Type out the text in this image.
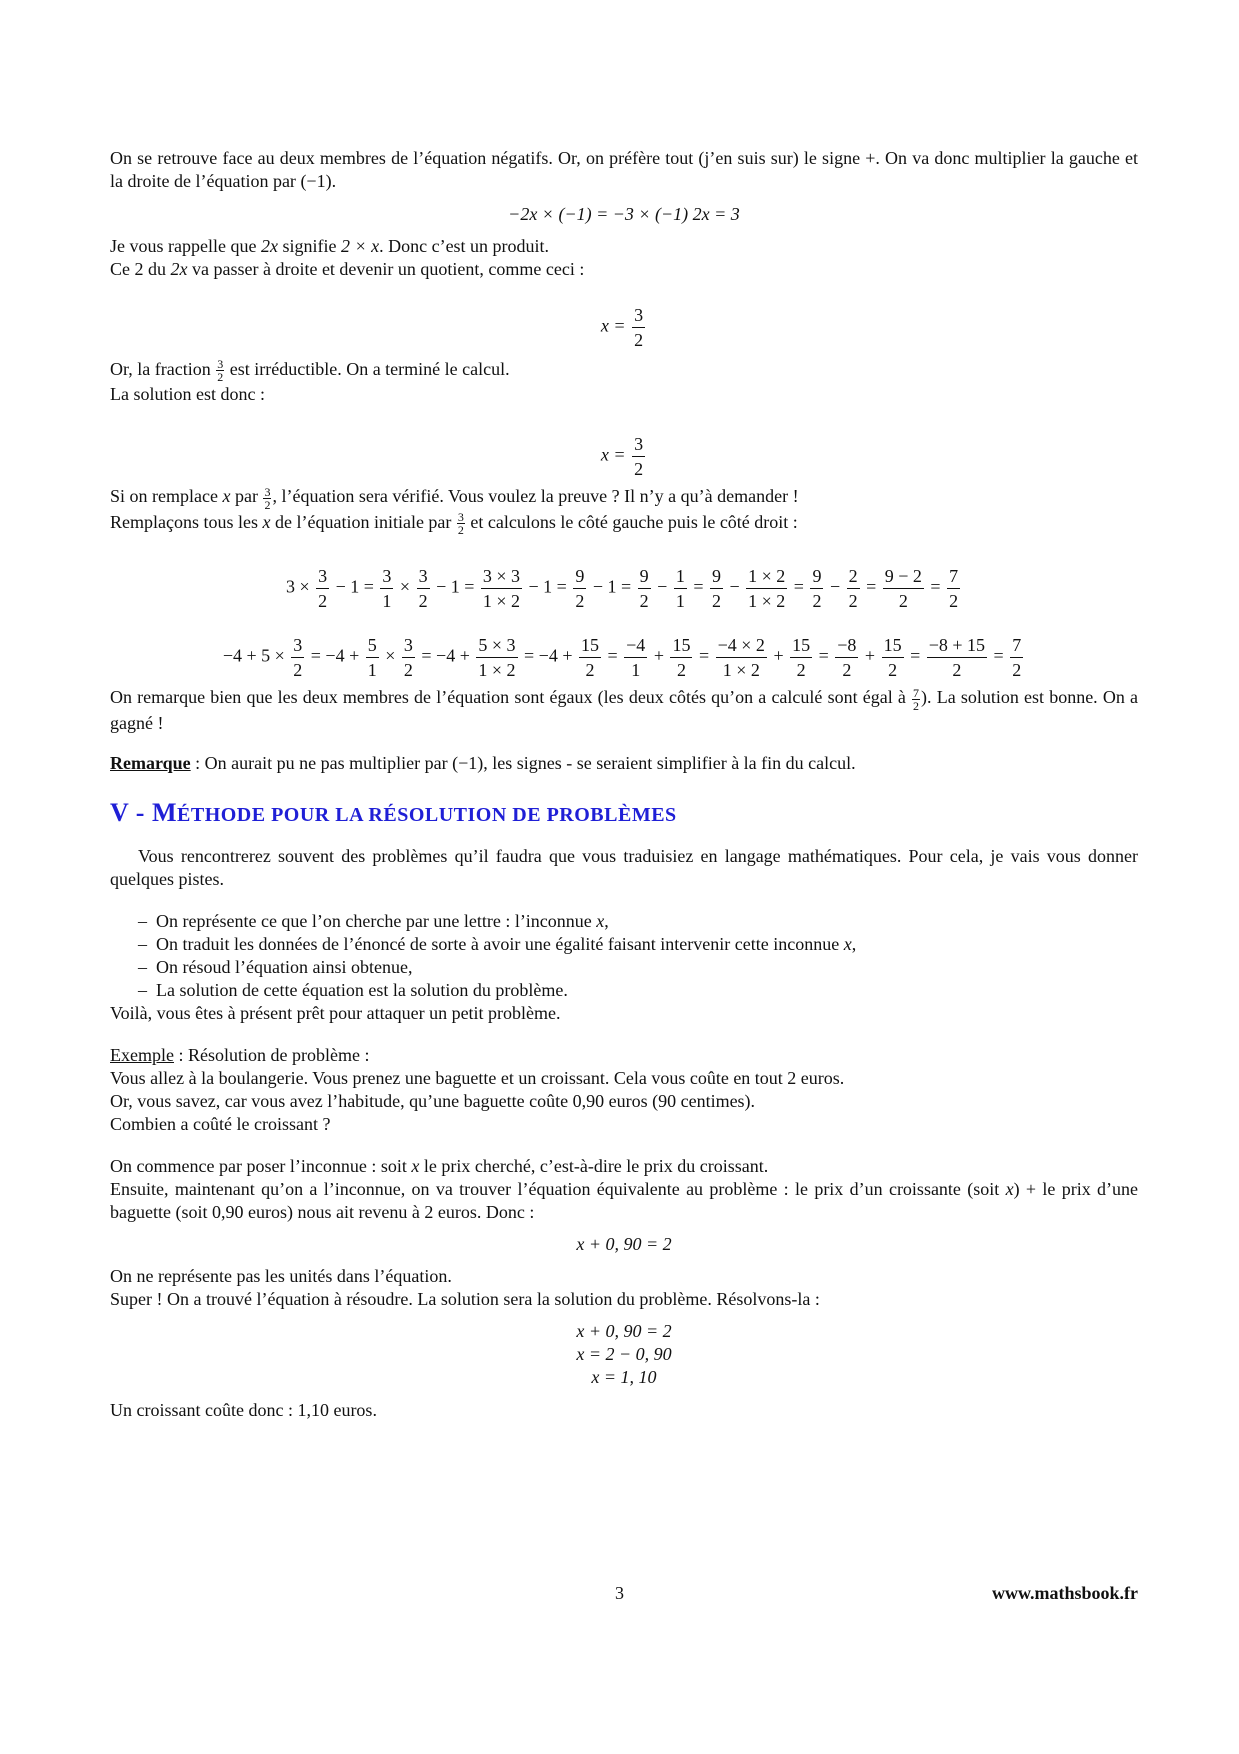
On se retrouve face au deux membres de l’équation négatifs. Or, on préfère tout (j’en suis sur) le signe +. On va donc multiplier la gauche et la droite de l’équation par (−1).

−2x × (−1) = −3 × (−1) 2x = 3

Je vous rappelle que 2x signifie 2 × x. Donc c’est un produit.

Ce 2 du 2x va passer à droite et devenir un quotient, comme ceci :

$x = \frac{3}{2}$

Or, la fraction $\frac{3}{2}$ est irréductible. On a terminé le calcul.

La solution est donc :

$x = \frac{3}{2}$

Si on remplace x par $\frac{3}{2}$ , l’équation sera vérifié. Vous voulez la preuve ? Il n’y a qu’à demander !

Remplaçons tous les x de l’équation initiale par $\frac{3}{2}$ et calculons le côté gauche puis le côté droit :

$3 \times \frac{3}{2} - 1 = \frac{3}{1} \times \frac{3}{2} - 1 = \frac{3 \times 3}{1 \times 2} - 1 = \frac{9}{2} - 1 = \frac{9}{2} - \frac{1}{1} = \frac{9}{2} - \frac{1 \times 2}{1 \times 2} = \frac{9}{2} - \frac{2}{2} = \frac{9 - 2}{2} = \frac{7}{2}$

$-4 + 5 \times \frac{3}{2} = -4 + \frac{5}{1} \times \frac{3}{2} = -4 + \frac{5 \times 3}{1 \times 2} = -4 + \frac{15}{2} = \frac{-4}{1} + \frac{15}{2} = \frac{-4 \times 2}{1 \times 2} + \frac{15}{2} = \frac{-8}{2} + \frac{15}{2} = \frac{-8 + 15}{2} = \frac{7}{2}$

On remarque bien que les deux membres de l’équation sont égaux (les deux côtés qu’on a calculé sont égal à $\frac{7}{2}$ ). La solution est bonne. On a gagné !

Remarque : On aurait pu ne pas multiplier par (−1), les signes - se seraient simplifier à la fin du calcul.

V - MÉTHODE POUR LA RÉSOLUTION DE PROBLÈMES

Vous rencontrerez souvent des problèmes qu’il faudra que vous traduisiez en langage mathématiques. Pour cela, je vais vous donner quelques pistes.

– On représente ce que l’on cherche par une lettre : l’inconnue x,
– On traduit les données de l’énoncé de sorte à avoir une égalité faisant intervenir cette inconnue x,
– On résoud l’équation ainsi obtenue,
– La solution de cette équation est la solution du problème.

Voilà, vous êtes à présent prêt pour attaquer un petit problème.

Exemple : Résolution de problème :

Vous allez à la boulangerie. Vous prenez une baguette et un croissant. Cela vous coûte en tout 2 euros.

Or, vous savez, car vous avez l’habitude, qu’une baguette coûte 0,90 euros (90 centimes).

Combien a coûté le croissant ?

On commence par poser l’inconnue : soit x le prix cherché, c’est-à-dire le prix du croissant.

Ensuite, maintenant qu’on a l’inconnue, on va trouver l’équation équivalente au problème : le prix d’un croissante (soit x) + le prix d’une baguette (soit 0,90 euros) nous ait revenu à 2 euros. Donc :

x + 0, 90 = 2

On ne représente pas les unités dans l’équation.

Super ! On a trouvé l’équation à résoudre. La solution sera la solution du problème. Résolvons-la :

x + 0, 90 = 2
x = 2 − 0, 90
x = 1, 10

Un croissant coûte donc : 1,10 euros.

3	www.mathsbook.fr
